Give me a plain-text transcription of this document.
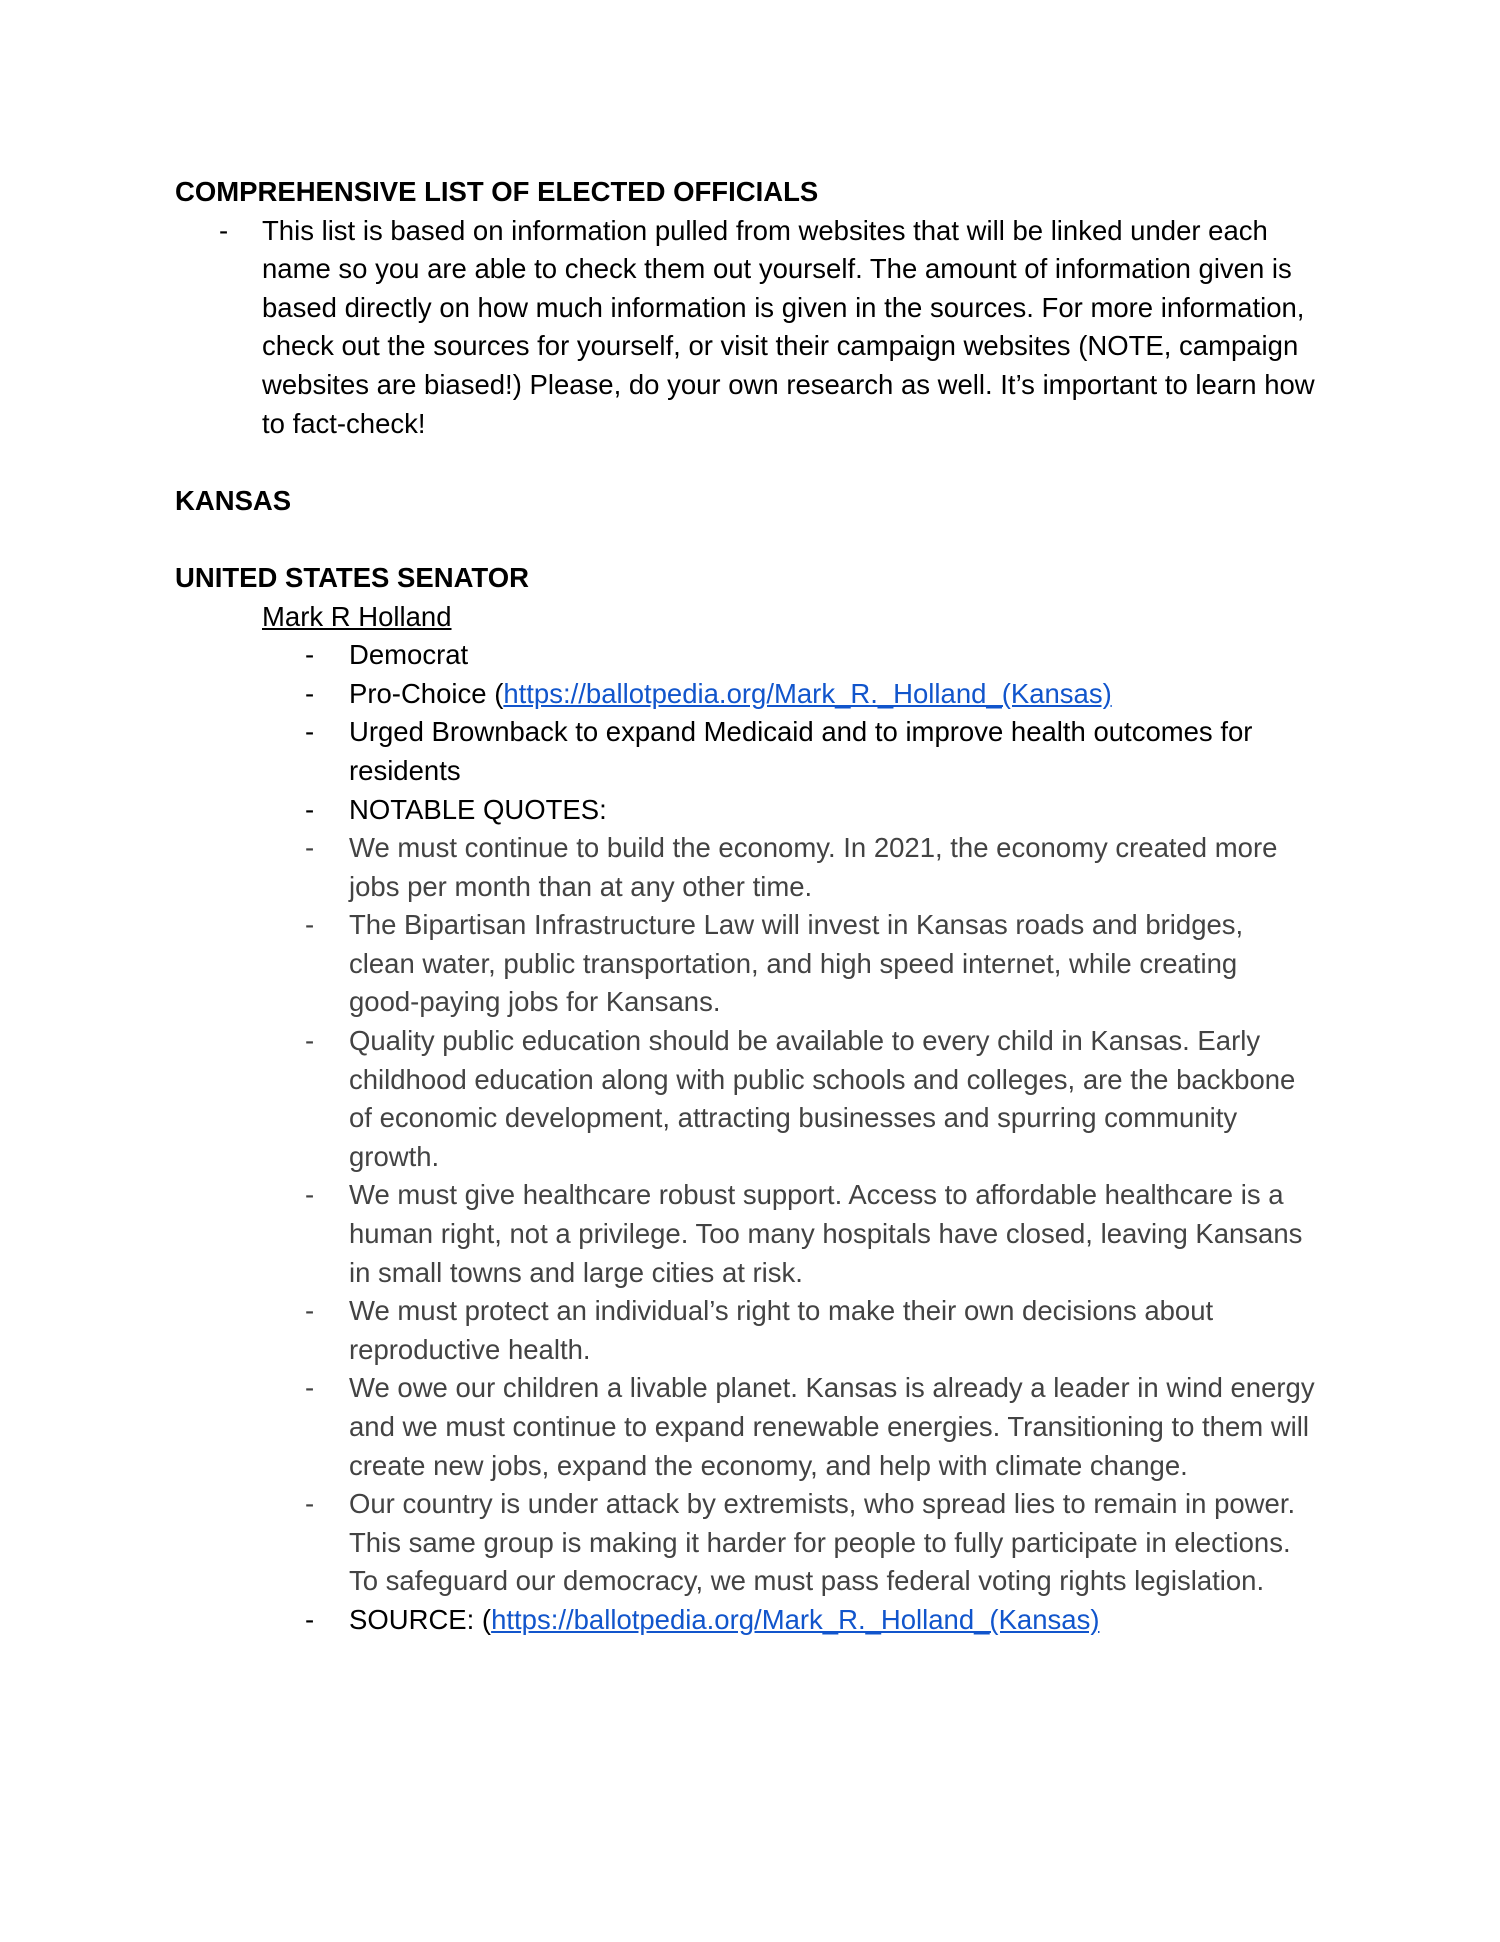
COMPREHENSIVE LIST OF ELECTED OFFICIALS

- This list is based on information pulled from websites that will be linked under each name so you are able to check them out yourself. The amount of information given is based directly on how much information is given in the sources. For more information, check out the sources for yourself, or visit their campaign websites (NOTE, campaign websites are biased!) Please, do your own research as well. It’s important to learn how to fact-check!

KANSAS

UNITED STATES SENATOR

Mark R Holland
- Democrat
- Pro-Choice (https://ballotpedia.org/Mark_R._Holland_(Kansas)
- Urged Brownback to expand Medicaid and to improve health outcomes for residents
- NOTABLE QUOTES:
- We must continue to build the economy. In 2021, the economy created more jobs per month than at any other time.
- The Bipartisan Infrastructure Law will invest in Kansas roads and bridges, clean water, public transportation, and high speed internet, while creating good-paying jobs for Kansans.
- Quality public education should be available to every child in Kansas. Early childhood education along with public schools and colleges, are the backbone of economic development, attracting businesses and spurring community growth.
- We must give healthcare robust support. Access to affordable healthcare is a human right, not a privilege. Too many hospitals have closed, leaving Kansans in small towns and large cities at risk.
- We must protect an individual’s right to make their own decisions about reproductive health.
- We owe our children a livable planet. Kansas is already a leader in wind energy and we must continue to expand renewable energies. Transitioning to them will create new jobs, expand the economy, and help with climate change.
- Our country is under attack by extremists, who spread lies to remain in power. This same group is making it harder for people to fully participate in elections. To safeguard our democracy, we must pass federal voting rights legislation.
- SOURCE: (https://ballotpedia.org/Mark_R._Holland_(Kansas)
